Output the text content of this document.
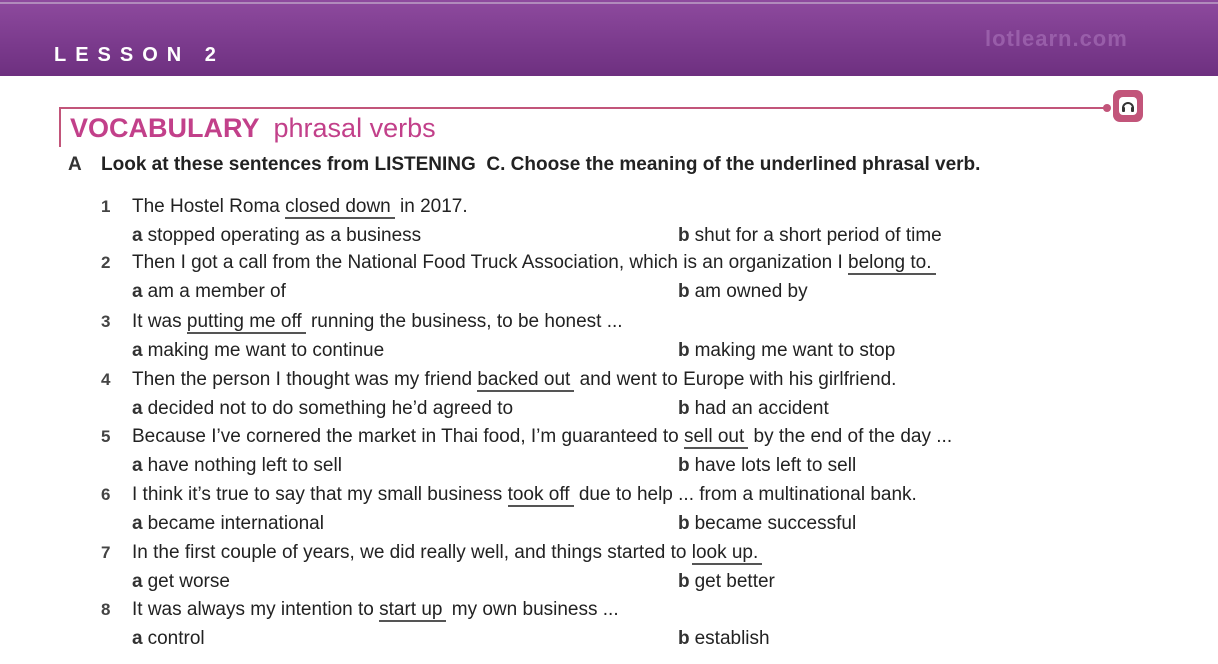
LESSON 2
lotlearn.com
VOCABULARY phrasal verbs
A Look at these sentences from LISTENING  C. Choose the meaning of the underlined phrasal verb.
1 The Hostel Roma closed down in 2017.
a stopped operating as a business	b shut for a short period of time
2 Then I got a call from the National Food Truck Association, which is an organization I belong to.
a am a member of	b am owned by
3 It was putting me off running the business, to be honest ...
a making me want to continue	b making me want to stop
4 Then the person I thought was my friend backed out and went to Europe with his girlfriend.
a decided not to do something he’d agreed to	b had an accident
5 Because I’ve cornered the market in Thai food, I’m guaranteed to sell out by the end of the day ...
a have nothing left to sell	b have lots left to sell
6 I think it’s true to say that my small business took off due to help ... from a multinational bank.
a became international	b became successful
7 In the first couple of years, we did really well, and things started to look up.
a get worse	b get better
8 It was always my intention to start up my own business ...
a control	b establish
